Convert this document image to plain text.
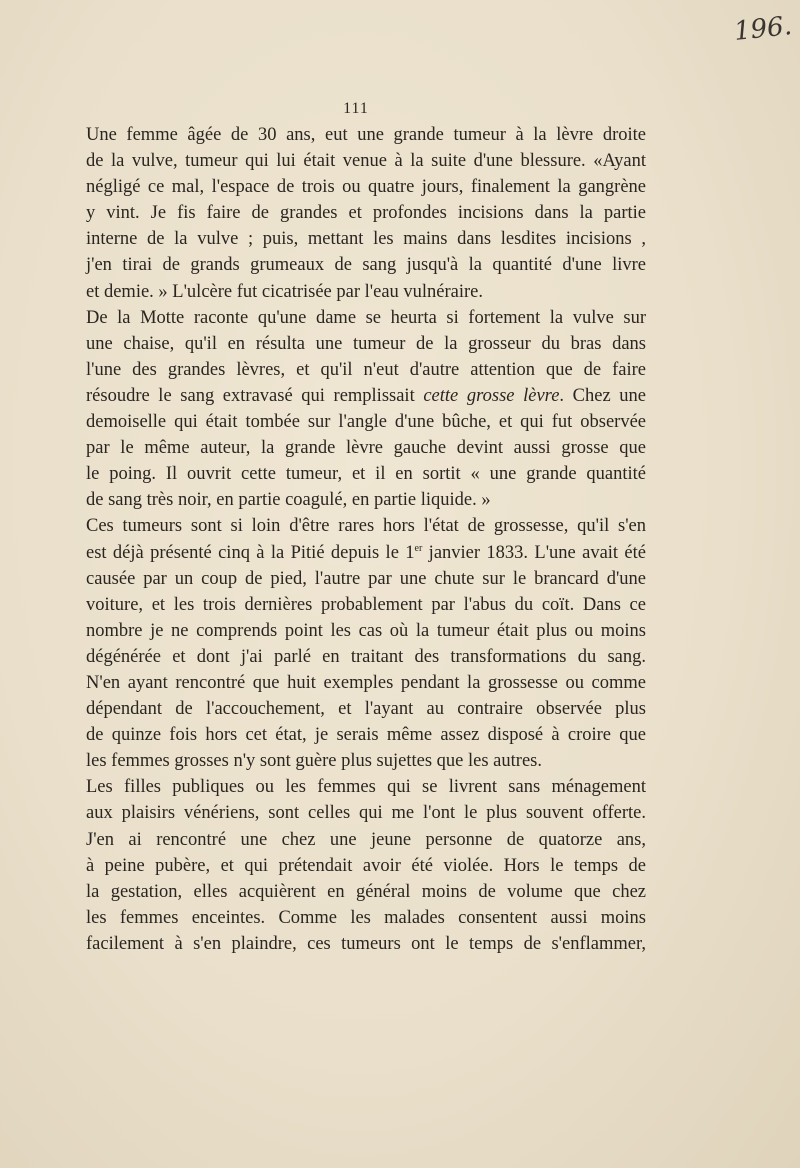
196.
111

Une femme âgée de 30 ans, eut une grande tumeur à la lèvre droite
de la vulve, tumeur qui lui était venue à la suite d'une blessure. «Ayant
négligé ce mal, l'espace de trois ou quatre jours, finalement la gangrène
y vint. Je fis faire de grandes et profondes incisions dans la partie
interne de la vulve ; puis, mettant les mains dans lesdites incisions ,
j'en tirai de grands grumeaux de sang jusqu'à la quantité d'une livre
et demie. » L'ulcère fut cicatrisée par l'eau vulnéraire.

De la Motte raconte qu'une dame se heurta si fortement la vulve sur
une chaise, qu'il en résulta une tumeur de la grosseur du bras dans
l'une des grandes lèvres, et qu'il n'eut d'autre attention que de faire
résoudre le sang extravasé qui remplissait cette grosse lèvre. Chez une
demoiselle qui était tombée sur l'angle d'une bûche, et qui fut observée
par le même auteur, la grande lèvre gauche devint aussi grosse que
le poing. Il ouvrit cette tumeur, et il en sortit « une grande quantité
de sang très noir, en partie coagulé, en partie liquide. »

Ces tumeurs sont si loin d'être rares hors l'état de grossesse, qu'il s'en
est déjà présenté cinq à la Pitié depuis le 1er janvier 1833. L'une avait été
causée par un coup de pied, l'autre par une chute sur le brancard d'une
voiture, et les trois dernières probablement par l'abus du coït. Dans ce
nombre je ne comprends point les cas où la tumeur était plus ou moins
dégénérée et dont j'ai parlé en traitant des transformations du sang.
N'en ayant rencontré que huit exemples pendant la grossesse ou comme
dépendant de l'accouchement, et l'ayant au contraire observée plus
de quinze fois hors cet état, je serais même assez disposé à croire que
les femmes grosses n'y sont guère plus sujettes que les autres.

Les filles publiques ou les femmes qui se livrent sans ménagement
aux plaisirs vénériens, sont celles qui me l'ont le plus souvent offerte.
J'en ai rencontré une chez une jeune personne de quatorze ans,
à peine pubère, et qui prétendait avoir été violée. Hors le temps de
la gestation, elles acquièrent en général moins de volume que chez
les femmes enceintes. Comme les malades consentent aussi moins
facilement à s'en plaindre, ces tumeurs ont le temps de s'enflammer,
